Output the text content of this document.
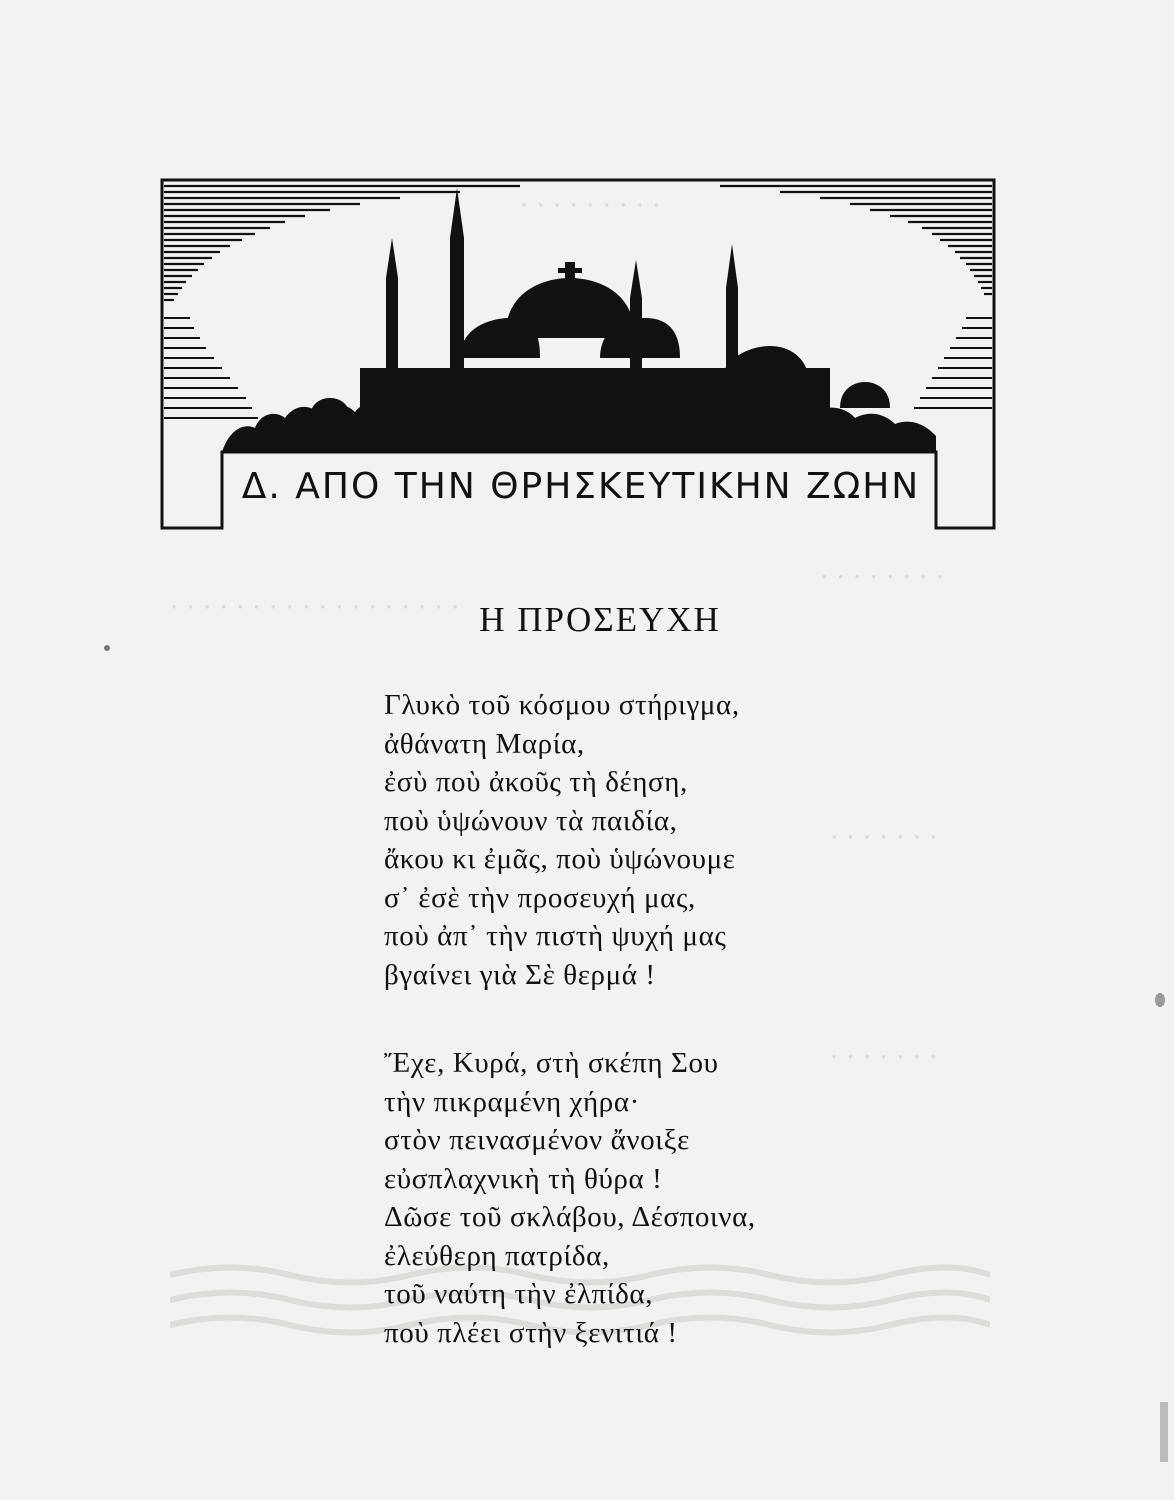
· · · · · · · · ·
· · · · · · · ·
· · · · · · · · · · · · · · · · · ·
· · · · · · ·
· · · · · · ·
Δ. ΑΠΟ ΤΗΝ ΘΡΗΣΚΕΥΤΙΚΗΝ ΖΩΗΝ
Η ΠΡΟΣΕΥΧΗ
Γλυκὸ τοῦ κόσμου στήριγμα,
ἀθάνατη Μαρία,
ἐσὺ ποὺ ἀκοῦς τὴ δέηση,
ποὺ ὑψώνουν τὰ παιδία,
ἄκου κι ἐμᾶς, ποὺ ὑψώνουμε
σ᾽ ἐσὲ τὴν προσευχή μας,
ποὺ ἀπ᾽ τὴν πιστὴ ψυχή μας
βγαίνει γιὰ Σὲ θερμά !
Ἔχε, Κυρά, στὴ σκέπη Σου
τὴν πικραμένη χήρα·
στὸν πεινασμένον ἄνοιξε
εὐσπλαχνικὴ τὴ θύρα !
Δῶσε τοῦ σκλάβου, Δέσποινα,
ἐλεύθερη πατρίδα,
τοῦ ναύτη τὴν ἐλπίδα,
ποὺ πλέει στὴν ξενιτιά !
